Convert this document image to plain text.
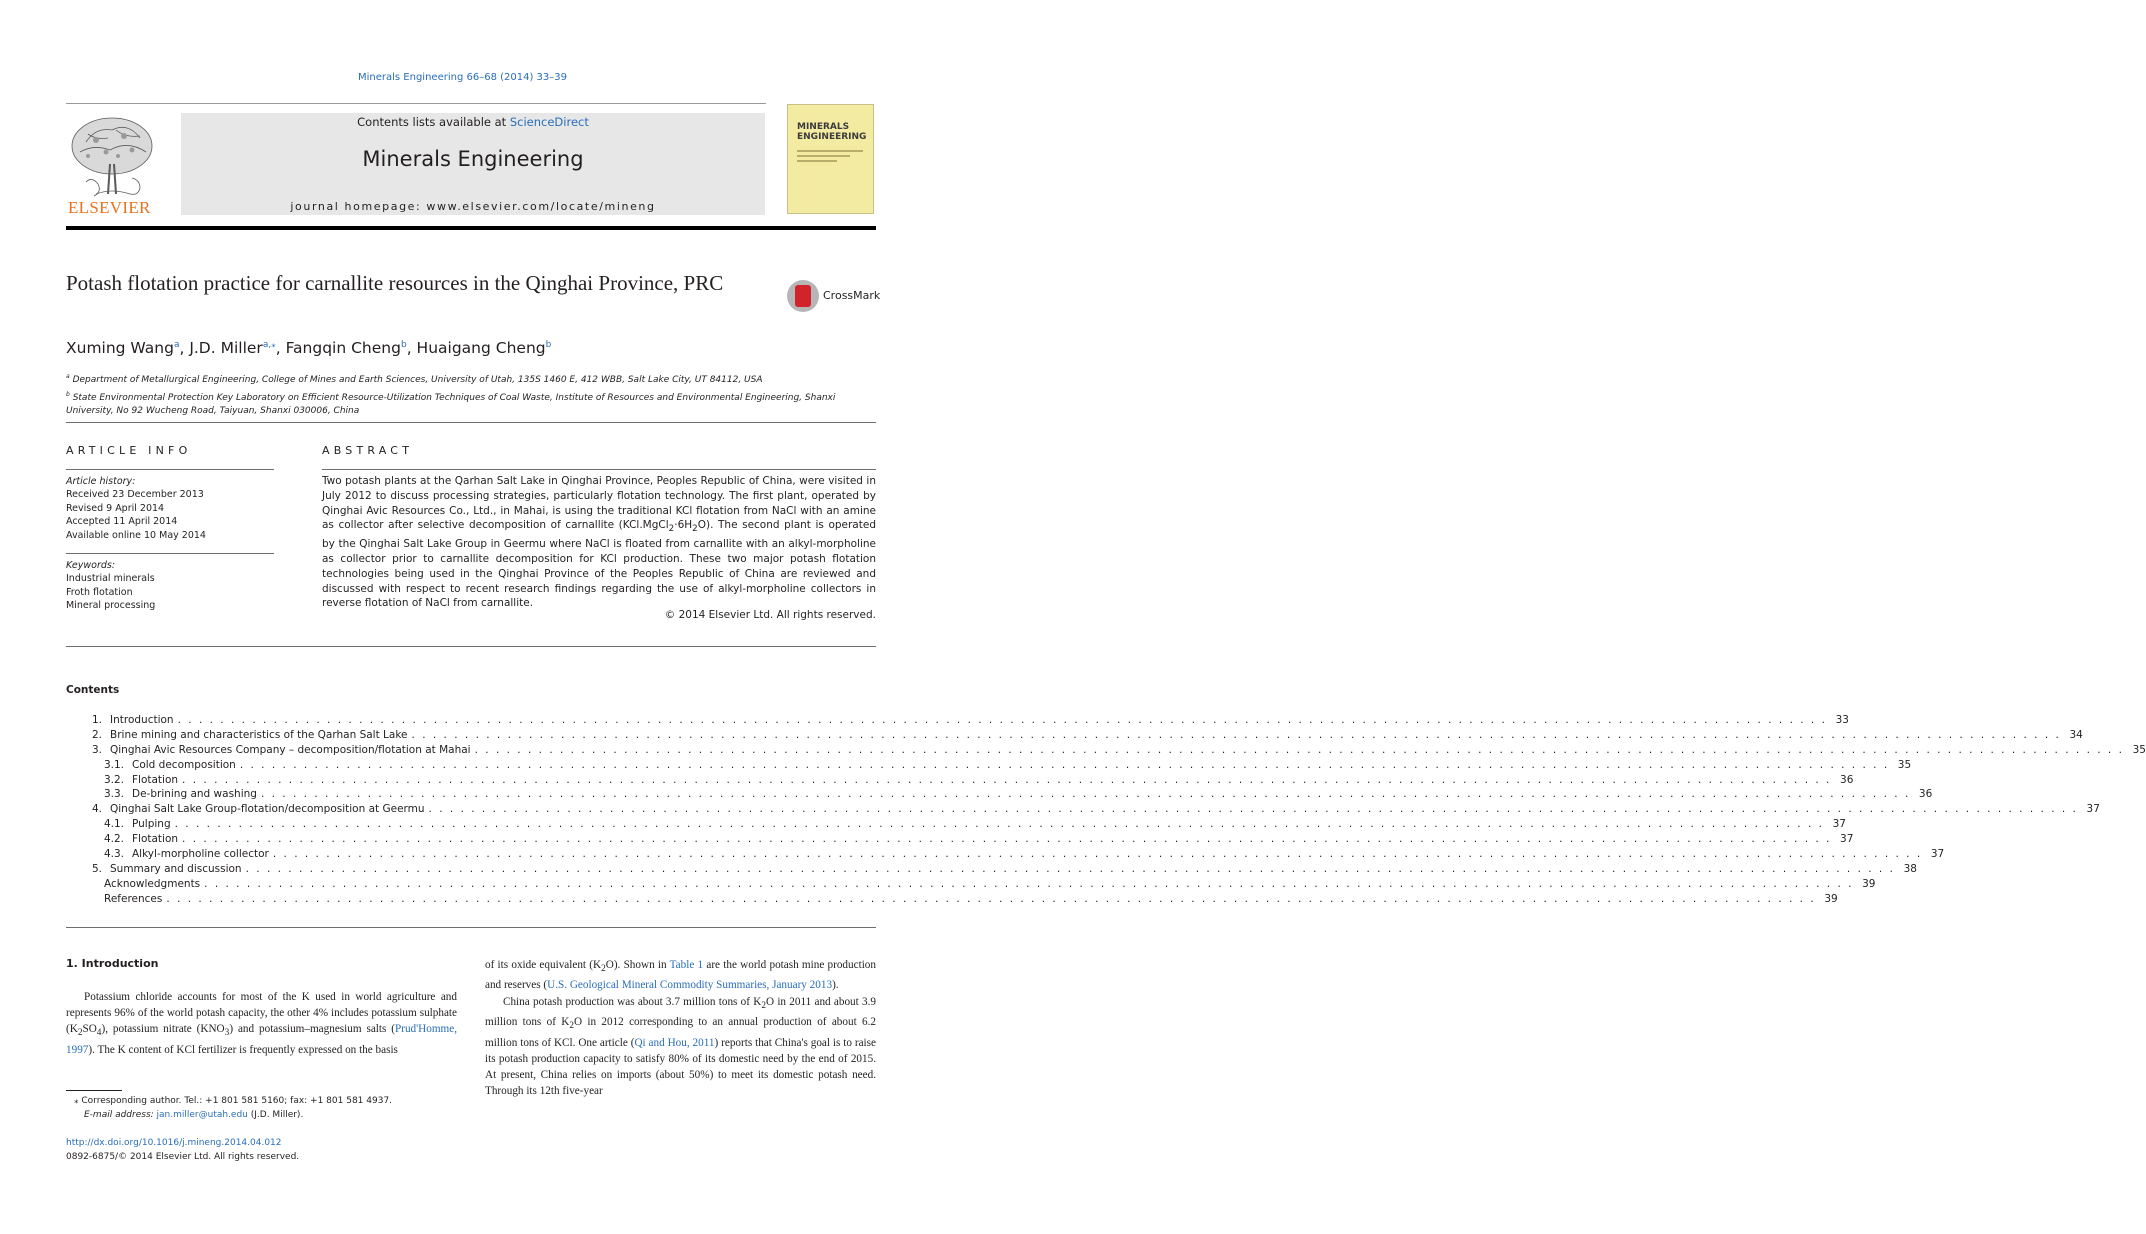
Minerals Engineering 66–68 (2014) 33–39
ELSEVIER
Contents lists available at ScienceDirect
Minerals Engineering
journal homepage: www.elsevier.com/locate/mineng
MINERALS ENGINEERING
Potash flotation practice for carnallite resources in the Qinghai Province, PRC
CrossMark
Xuming Wang$^a$, J.D. Miller$^{a,⁎}$, Fangqin Cheng$^b$, Huaigang Cheng$^b$
$^a$ Department of Metallurgical Engineering, College of Mines and Earth Sciences, University of Utah, 135S 1460 E, 412 WBB, Salt Lake City, UT 84112, USA
$^b$ State Environmental Protection Key Laboratory on Efficient Resource-Utilization Techniques of Coal Waste, Institute of Resources and Environmental Engineering, Shanxi University, No 92 Wucheng Road, Taiyuan, Shanxi 030006, China
ARTICLE INFO	ABSTRACT
Article history:
Received 23 December 2013
Revised 9 April 2014
Accepted 11 April 2014
Available online 10 May 2014
Keywords:
Industrial minerals
Froth flotation
Mineral processing
Two potash plants at the Qarhan Salt Lake in Qinghai Province, Peoples Republic of China, were visited in July 2012 to discuss processing strategies, particularly flotation technology. The first plant, operated by Qinghai Avic Resources Co., Ltd., in Mahai, is using the traditional KCl flotation from NaCl with an amine as collector after selective decomposition of carnallite $(KCl.MgCl_2\cdot 6H_2O)$. The second plant is operated by the Qinghai Salt Lake Group in Geermu where NaCl is floated from carnallite with an alkyl-morpholine as collector prior to carnallite decomposition for KCl production. These two major potash flotation technologies being used in the Qinghai Province of the Peoples Republic of China are reviewed and discussed with respect to recent research findings regarding the use of alkyl-morpholine collectors in reverse flotation of NaCl from carnallite.
© 2014 Elsevier Ltd. All rights reserved.
Contents
1. Introduction . . . . . . . . . . . . . . . . . . . . . . . . . . . . . . . . . . . . . . . . . . . . . . . . . . . . . . . . . . . . . . . . . . . . . . . . . . . . . . . . . . . . . . . . . . . . . . . . . . . . . . . . . . . . . . . . . . . . . . . . . . . . . . . . . . . . . . . . . . . . . . . . . . . . . . . . . . . 33
2. Brine mining and characteristics of the Qarhan Salt Lake . . . . . . . . . . . . . . . . . . . . . . . . . . . . . . . . . . . . . . . . . . . . . . . . . . . . . . . . . . . . . . . . . . . . . . . . . . . . . . . . . . . . . . . . . . . . . . . . . . . . . . . . . . . . . . . . . . . . . . . . . . . . . . . . . . . . . . . . . . . . . . . . . . . . . . . . . . . 34
3. Qinghai Avic Resources Company – decomposition/flotation at Mahai . . . . . . . . . . . . . . . . . . . . . . . . . . . . . . . . . . . . . . . . . . . . . . . . . . . . . . . . . . . . . . . . . . . . . . . . . . . . . . . . . . . . . . . . . . . . . . . . . . . . . . . . . . . . . . . . . . . . . . . . . . . . . . . . . . . . . . . . . . . . . . . . . . . . . . . . . . . 35
3.1. Cold decomposition . . . . . . . . . . . . . . . . . . . . . . . . . . . . . . . . . . . . . . . . . . . . . . . . . . . . . . . . . . . . . . . . . . . . . . . . . . . . . . . . . . . . . . . . . . . . . . . . . . . . . . . . . . . . . . . . . . . . . . . . . . . . . . . . . . . . . . . . . . . . . . . . . . . . . . . . . . . 35
3.2. Flotation . . . . . . . . . . . . . . . . . . . . . . . . . . . . . . . . . . . . . . . . . . . . . . . . . . . . . . . . . . . . . . . . . . . . . . . . . . . . . . . . . . . . . . . . . . . . . . . . . . . . . . . . . . . . . . . . . . . . . . . . . . . . . . . . . . . . . . . . . . . . . . . . . . . . . . . . . . . 36
3.3. De-brining and washing . . . . . . . . . . . . . . . . . . . . . . . . . . . . . . . . . . . . . . . . . . . . . . . . . . . . . . . . . . . . . . . . . . . . . . . . . . . . . . . . . . . . . . . . . . . . . . . . . . . . . . . . . . . . . . . . . . . . . . . . . . . . . . . . . . . . . . . . . . . . . . . . . . . . . . . . . . . 36
4. Qinghai Salt Lake Group-flotation/decomposition at Geermu . . . . . . . . . . . . . . . . . . . . . . . . . . . . . . . . . . . . . . . . . . . . . . . . . . . . . . . . . . . . . . . . . . . . . . . . . . . . . . . . . . . . . . . . . . . . . . . . . . . . . . . . . . . . . . . . . . . . . . . . . . . . . . . . . . . . . . . . . . . . . . . . . . . . . . . . . . . 37
4.1. Pulping . . . . . . . . . . . . . . . . . . . . . . . . . . . . . . . . . . . . . . . . . . . . . . . . . . . . . . . . . . . . . . . . . . . . . . . . . . . . . . . . . . . . . . . . . . . . . . . . . . . . . . . . . . . . . . . . . . . . . . . . . . . . . . . . . . . . . . . . . . . . . . . . . . . . . . . . . . . 37
4.2. Flotation . . . . . . . . . . . . . . . . . . . . . . . . . . . . . . . . . . . . . . . . . . . . . . . . . . . . . . . . . . . . . . . . . . . . . . . . . . . . . . . . . . . . . . . . . . . . . . . . . . . . . . . . . . . . . . . . . . . . . . . . . . . . . . . . . . . . . . . . . . . . . . . . . . . . . . . . . . . 37
4.3. Alkyl-morpholine collector . . . . . . . . . . . . . . . . . . . . . . . . . . . . . . . . . . . . . . . . . . . . . . . . . . . . . . . . . . . . . . . . . . . . . . . . . . . . . . . . . . . . . . . . . . . . . . . . . . . . . . . . . . . . . . . . . . . . . . . . . . . . . . . . . . . . . . . . . . . . . . . . . . . . . . . . . . . 37
5. Summary and discussion . . . . . . . . . . . . . . . . . . . . . . . . . . . . . . . . . . . . . . . . . . . . . . . . . . . . . . . . . . . . . . . . . . . . . . . . . . . . . . . . . . . . . . . . . . . . . . . . . . . . . . . . . . . . . . . . . . . . . . . . . . . . . . . . . . . . . . . . . . . . . . . . . . . . . . . . . . . 38
Acknowledgments . . . . . . . . . . . . . . . . . . . . . . . . . . . . . . . . . . . . . . . . . . . . . . . . . . . . . . . . . . . . . . . . . . . . . . . . . . . . . . . . . . . . . . . . . . . . . . . . . . . . . . . . . . . . . . . . . . . . . . . . . . . . . . . . . . . . . . . . . . . . . . . . . . . . . . . . . . . 39
References . . . . . . . . . . . . . . . . . . . . . . . . . . . . . . . . . . . . . . . . . . . . . . . . . . . . . . . . . . . . . . . . . . . . . . . . . . . . . . . . . . . . . . . . . . . . . . . . . . . . . . . . . . . . . . . . . . . . . . . . . . . . . . . . . . . . . . . . . . . . . . . . . . . . . . . . . . . 39
1. Introduction

Potassium chloride accounts for most of the K used in world agriculture and represents 96% of the world potash capacity, the other 4% includes potassium sulphate $(K_2SO_4)$, potassium nitrate $(KNO_3)$ and potassium–magnesium salts (Prud'Homme, 1997). The K content of KCl fertilizer is frequently expressed on the basis

of its oxide equivalent $(K_2O)$. Shown in Table 1 are the world potash mine production and reserves (U.S. Geological Mineral Commodity Summaries, January 2013).

China potash production was about 3.7 million tons of $K_2O$ in 2011 and about 3.9 million tons of $K_2O$ in 2012 corresponding to an annual production of about 6.2 million tons of KCl. One article (Qi and Hou, 2011) reports that China's goal is to raise its potash production capacity to satisfy 80% of its domestic need by the end of 2015. At present, China relies on imports (about 50%) to meet its domestic potash need. Through its 12th five-year

⁎ Corresponding author. Tel.: +1 801 581 5160; fax: +1 801 581 4937.
E-mail address: jan.miller@utah.edu (J.D. Miller).
http://dx.doi.org/10.1016/j.mineng.2014.04.012
0892-6875/© 2014 Elsevier Ltd. All rights reserved.
